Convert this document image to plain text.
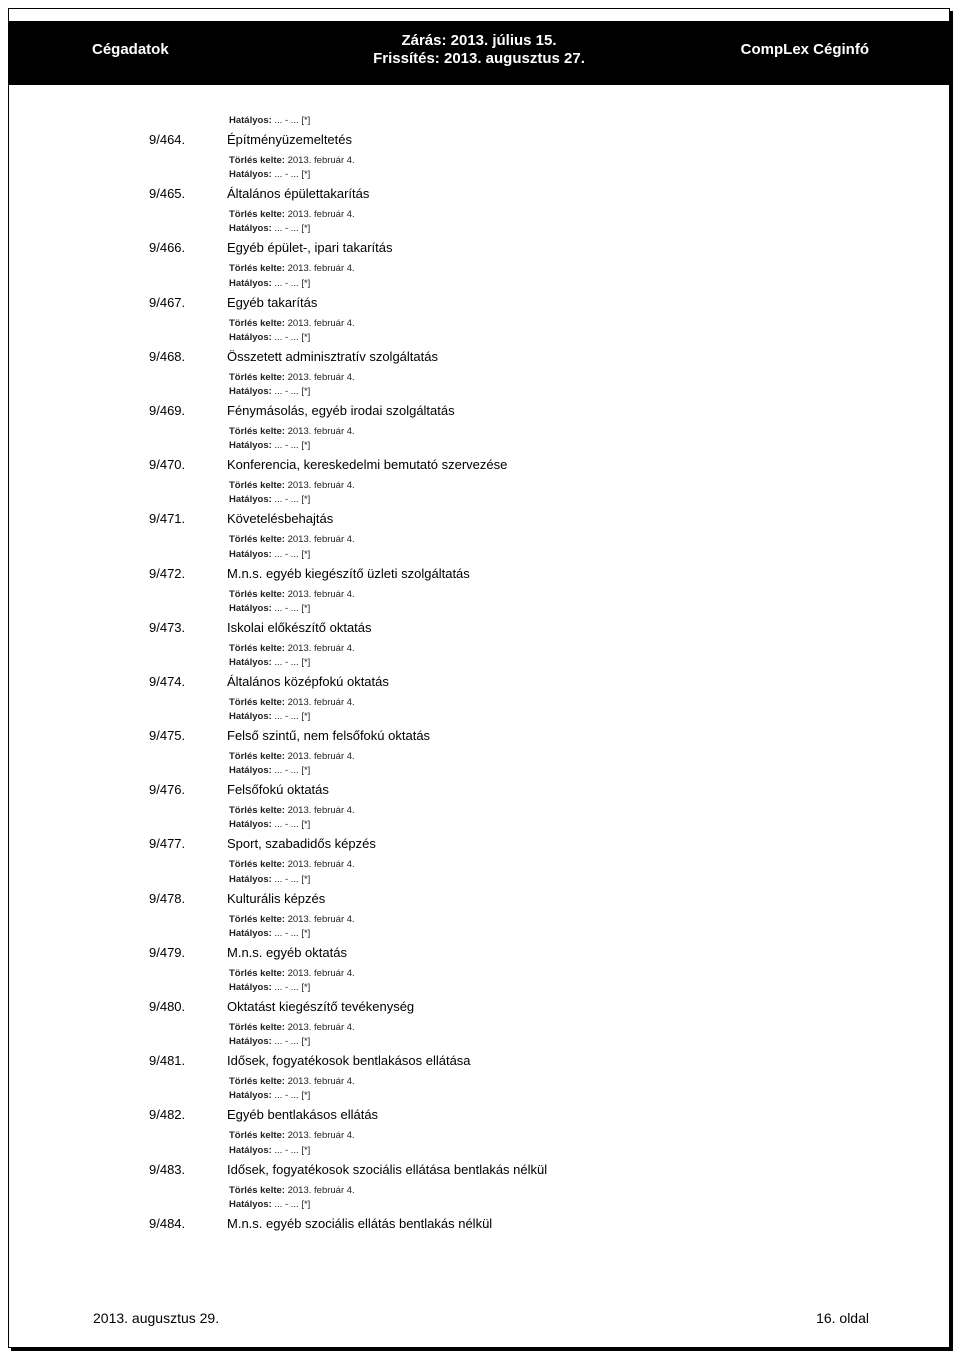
Cégadatok
Zárás: 2013. július 15.
Frissítés: 2013. augusztus 27.
CompLex Céginfó
Hatályos: ... - ... [*]
9/464.	Építményüzemeltetés
Törlés kelte: 2013. február 4.
Hatályos: ... - ... [*]
9/465.	Általános épülettakarítás
Törlés kelte: 2013. február 4.
Hatályos: ... - ... [*]
9/466.	Egyéb épület-, ipari takarítás
Törlés kelte: 2013. február 4.
Hatályos: ... - ... [*]
9/467.	Egyéb takarítás
Törlés kelte: 2013. február 4.
Hatályos: ... - ... [*]
9/468.	Összetett adminisztratív szolgáltatás
Törlés kelte: 2013. február 4.
Hatályos: ... - ... [*]
9/469.	Fénymásolás, egyéb irodai szolgáltatás
Törlés kelte: 2013. február 4.
Hatályos: ... - ... [*]
9/470.	Konferencia, kereskedelmi bemutató szervezése
Törlés kelte: 2013. február 4.
Hatályos: ... - ... [*]
9/471.	Követelésbehajtás
Törlés kelte: 2013. február 4.
Hatályos: ... - ... [*]
9/472.	M.n.s. egyéb kiegészítő üzleti szolgáltatás
Törlés kelte: 2013. február 4.
Hatályos: ... - ... [*]
9/473.	Iskolai előkészítő oktatás
Törlés kelte: 2013. február 4.
Hatályos: ... - ... [*]
9/474.	Általános középfokú oktatás
Törlés kelte: 2013. február 4.
Hatályos: ... - ... [*]
9/475.	Felső szintű, nem felsőfokú oktatás
Törlés kelte: 2013. február 4.
Hatályos: ... - ... [*]
9/476.	Felsőfokú oktatás
Törlés kelte: 2013. február 4.
Hatályos: ... - ... [*]
9/477.	Sport, szabadidős képzés
Törlés kelte: 2013. február 4.
Hatályos: ... - ... [*]
9/478.	Kulturális képzés
Törlés kelte: 2013. február 4.
Hatályos: ... - ... [*]
9/479.	M.n.s. egyéb oktatás
Törlés kelte: 2013. február 4.
Hatályos: ... - ... [*]
9/480.	Oktatást kiegészítő tevékenység
Törlés kelte: 2013. február 4.
Hatályos: ... - ... [*]
9/481.	Idősek, fogyatékosok bentlakásos ellátása
Törlés kelte: 2013. február 4.
Hatályos: ... - ... [*]
9/482.	Egyéb bentlakásos ellátás
Törlés kelte: 2013. február 4.
Hatályos: ... - ... [*]
9/483.	Idősek, fogyatékosok szociális ellátása bentlakás nélkül
Törlés kelte: 2013. február 4.
Hatályos: ... - ... [*]
9/484.	M.n.s. egyéb szociális ellátás bentlakás nélkül
2013. augusztus 29.	16. oldal
